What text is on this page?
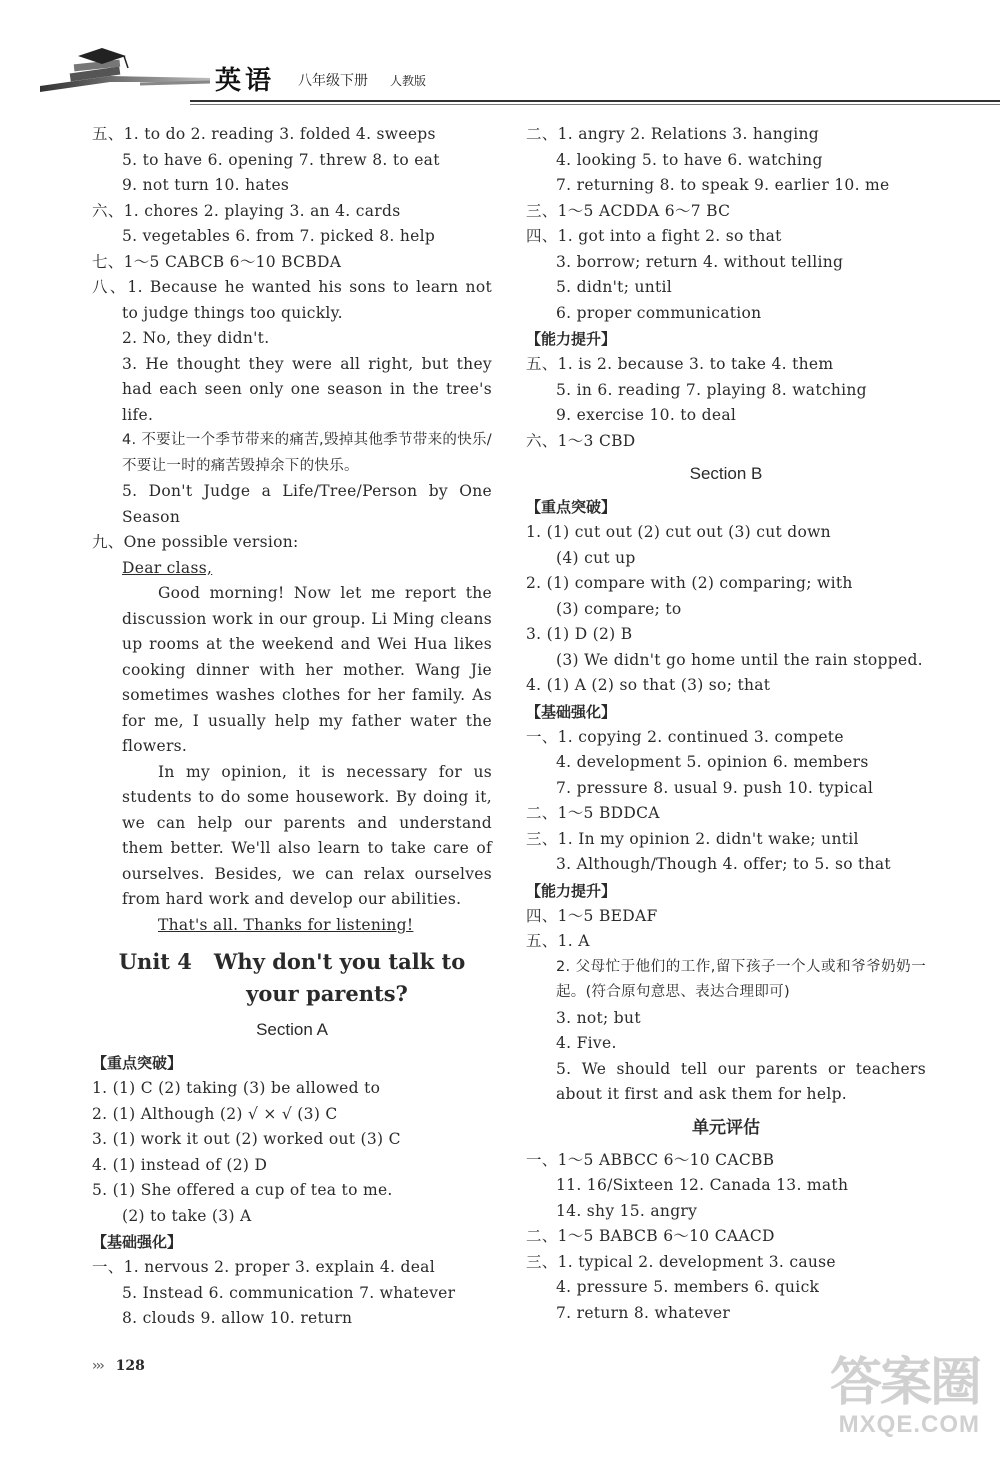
英语 八年级下册 人教版
五、1. to do 2. reading 3. folded 4. sweeps
5. to have 6. opening 7. threw 8. to eat
9. not turn 10. hates
六、1. chores 2. playing 3. an 4. cards
5. vegetables 6. from 7. picked 8. help
七、1～5 CABCB 6～10 BCBDA
八、1. Because he wanted his sons to learn not to judge things too quickly.
2. No, they didn't.
3. He thought they were all right, but they had each seen only one season in the tree's life.
4. 不要让一个季节带来的痛苦,毁掉其他季节带来的快乐/不要让一时的痛苦毁掉余下的快乐。
5. Don't Judge a Life/Tree/Person by One Season
九、One possible version:
Dear class,
Good morning! Now let me report the discussion work in our group. Li Ming cleans up rooms at the weekend and Wei Hua likes cooking dinner with her mother. Wang Jie sometimes washes clothes for her family. As for me, I usually help my father water the flowers.
In my opinion, it is necessary for us students to do some housework. By doing it, we can help our parents and understand them better. We'll also learn to take care of ourselves. Besides, we can relax ourselves from hard work and develop our abilities.
That's all. Thanks for listening!
Unit 4   Why don't you talk to
your parents?
Section A
【重点突破】
1. (1) C (2) taking (3) be allowed to
2. (1) Although (2) √ × √ (3) C
3. (1) work it out (2) worked out (3) C
4. (1) instead of (2) D
5. (1) She offered a cup of tea to me.
(2) to take (3) A
【基础强化】
一、1. nervous 2. proper 3. explain 4. deal
5. Instead 6. communication 7. whatever
8. clouds 9. allow 10. return
二、1. angry 2. Relations 3. hanging
4. looking 5. to have 6. watching
7. returning 8. to speak 9. earlier 10. me
三、1～5 ACDDA 6～7 BC
四、1. got into a fight 2. so that
3. borrow; return 4. without telling
5. didn't; until
6. proper communication
【能力提升】
五、1. is 2. because 3. to take 4. them
5. in 6. reading 7. playing 8. watching
9. exercise 10. to deal
六、1～3 CBD
Section B
【重点突破】
1. (1) cut out (2) cut out (3) cut down
(4) cut up
2. (1) compare with (2) comparing; with
(3) compare; to
3. (1) D (2) B
(3) We didn't go home until the rain stopped.
4. (1) A (2) so that (3) so; that
【基础强化】
一、1. copying 2. continued 3. compete
4. development 5. opinion 6. members
7. pressure 8. usual 9. push 10. typical
二、1～5 BDDCA
三、1. In my opinion 2. didn't wake; until
3. Although/Though 4. offer; to 5. so that
【能力提升】
四、1～5 BEDAF
五、1. A
2. 父母忙于他们的工作,留下孩子一个人或和爷爷奶奶一起。(符合原句意思、表达合理即可)
3. not; but
4. Five.
5. We should tell our parents or teachers about it first and ask them for help.
单元评估
一、1～5 ABBCC 6～10 CACBB
11. 16/Sixteen 12. Canada 13. math
14. shy 15. angry
二、1～5 BABCB 6～10 CAACD
三、1. typical 2. development 3. cause
4. pressure 5. members 6. quick
7. return 8. whatever
››› 128	答案圈
MXQE.COM
